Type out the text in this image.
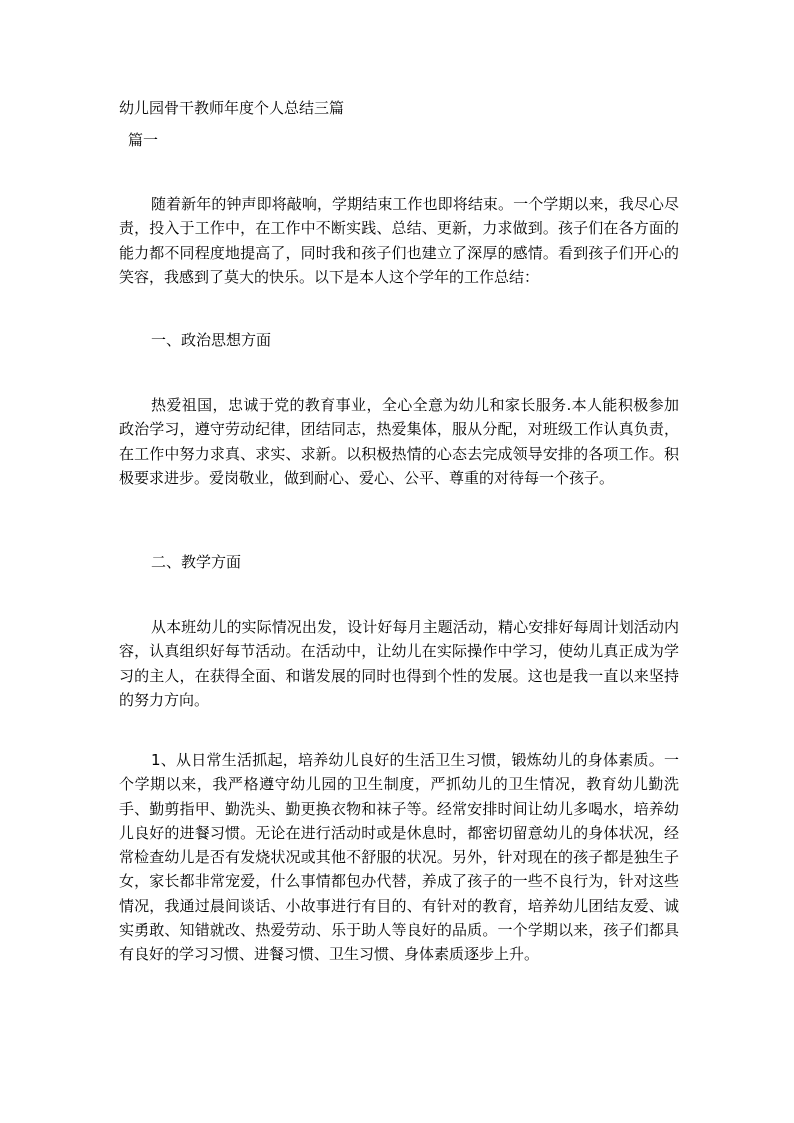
幼儿园骨干教师年度个人总结三篇
篇一

随着新年的钟声即将敲响，学期结束工作也即将结束。一个学期以来，我尽心尽责，投入于工作中，在工作中不断实践、总结、更新，力求做到。孩子们在各方面的能力都不同程度地提高了，同时我和孩子们也建立了深厚的感情。看到孩子们开心的笑容，我感到了莫大的快乐。以下是本人这个学年的工作总结：

一、政治思想方面

热爱祖国，忠诚于党的教育事业，全心全意为幼儿和家长服务.本人能积极参加政治学习，遵守劳动纪律，团结同志，热爱集体，服从分配，对班级工作认真负责，在工作中努力求真、求实、求新。以积极热情的心态去完成领导安排的各项工作。积极要求进步。爱岗敬业，做到耐心、爱心、公平、尊重的对待每一个孩子。

二、教学方面

从本班幼儿的实际情况出发，设计好每月主题活动，精心安排好每周计划活动内容，认真组织好每节活动。在活动中，让幼儿在实际操作中学习，使幼儿真正成为学习的主人，在获得全面、和谐发展的同时也得到个性的发展。这也是我一直以来坚持的努力方向。

1、从日常生活抓起，培养幼儿良好的生活卫生习惯，锻炼幼儿的身体素质。一个学期以来，我严格遵守幼儿园的卫生制度，严抓幼儿的卫生情况，教育幼儿勤洗手、勤剪指甲、勤洗头、勤更换衣物和袜子等。经常安排时间让幼儿多喝水，培养幼儿良好的进餐习惯。无论在进行活动时或是休息时，都密切留意幼儿的身体状况，经常检查幼儿是否有发烧状况或其他不舒服的状况。另外，针对现在的孩子都是独生子女，家长都非常宠爱，什么事情都包办代替，养成了孩子的一些不良行为，针对这些情况，我通过晨间谈话、小故事进行有目的、有针对的教育，培养幼儿团结友爱、诚实勇敢、知错就改、热爱劳动、乐于助人等良好的品质。一个学期以来，孩子们都具有良好的学习习惯、进餐习惯、卫生习惯、身体素质逐步上升。
